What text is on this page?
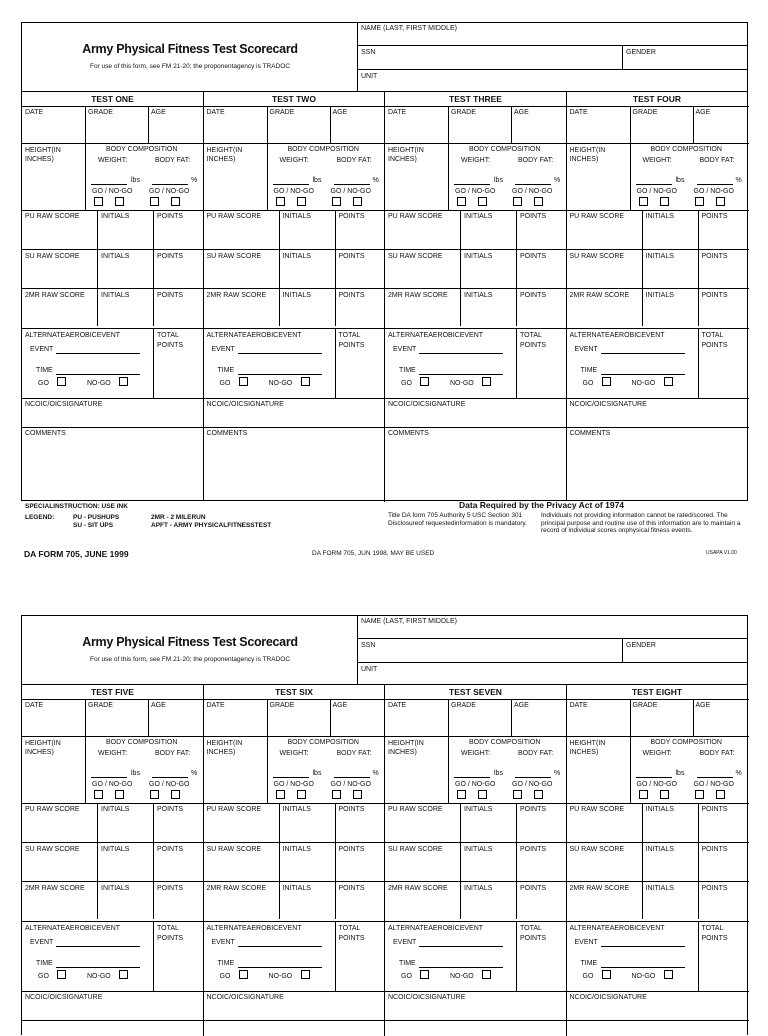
Army Physical Fitness Test Scorecard
For use of this form, see FM 21-20; the proponentagency is TRADOC
NAME (LAST, FIRST MIDDLE)
SSN	GENDER
UNIT
SPECIALINSTRUCTION: USE INK
LEGEND:	PU - PUSHUPS
SU - SIT UPS
2MR - 2 MILERUN
APFT - ARMY PHYSICALFITNESSTEST
Data Required by the Privacy Act of 1974
Title DA form 705 Authority 5 USC Section 301 Disclosureof requestedinformation is mandatory.
Individuals not providing information cannot be rated/scored. The principal purpose and routine use of this information are to maintain a record of individual scores onphysical fitness events.
TEST ONE
DATE	GRADE	AGE
HEIGHT(IN INCHES)
BODY COMPOSITION
WEIGHT:	BODY FAT:
lbs	%
GO / NO-GO GO / NO-GO
PU RAW SCORE	INITIALS	POINTS
SU RAW SCORE	INITIALS	POINTS
2MR RAW SCORE INITIALS	POINTS
ALTERNATEAEROBICEVENT
EVENT
TIME
GO	NO-GO
TOTAL
POINTS
NCOIC/OICSIGNATURE
COMMENTS
TEST TWO
DATE	GRADE	AGE
HEIGHT(IN INCHES)
BODY COMPOSITION
WEIGHT:	BODY FAT:
lbs	%
GO / NO-GO GO / NO-GO
PU RAW SCORE	INITIALS	POINTS
SU RAW SCORE	INITIALS	POINTS
2MR RAW SCORE INITIALS	POINTS
ALTERNATEAEROBICEVENT
EVENT
TIME
GO	NO-GO
TOTAL
POINTS
NCOIC/OICSIGNATURE
COMMENTS
TEST THREE
DATE	GRADE	AGE
HEIGHT(IN INCHES)
BODY COMPOSITION
WEIGHT:	BODY FAT:
lbs	%
GO / NO-GO GO / NO-GO
PU RAW SCORE	INITIALS	POINTS
SU RAW SCORE	INITIALS	POINTS
2MR RAW SCORE INITIALS	POINTS
ALTERNATEAEROBICEVENT
EVENT
TIME
GO	NO-GO
TOTAL
POINTS
NCOIC/OICSIGNATURE
COMMENTS
TEST FOUR
DATE	GRADE	AGE
HEIGHT(IN INCHES)
BODY COMPOSITION
WEIGHT:	BODY FAT:
lbs	%
GO / NO-GO GO / NO-GO
PU RAW SCORE	INITIALS	POINTS
SU RAW SCORE	INITIALS	POINTS
2MR RAW SCORE INITIALS	POINTS
ALTERNATEAEROBICEVENT
EVENT
TIME
GO	NO-GO
TOTAL
POINTS
NCOIC/OICSIGNATURE
COMMENTS
DA FORM 705, JUNE 1999	DA FORM 705, JUN 1998, MAY BE USED	USAPA V1.00
Army Physical Fitness Test Scorecard
For use of this form, see FM 21-20; the proponentagency is TRADOC
NAME (LAST, FIRST MIDDLE)
SSN	GENDER
UNIT
TEST FIVE
DATE	GRADE	AGE
HEIGHT(IN INCHES)
BODY COMPOSITION
WEIGHT:	BODY FAT:
lbs	%
GO / NO-GO GO / NO-GO
PU RAW SCORE	INITIALS	POINTS
SU RAW SCORE	INITIALS	POINTS
2MR RAW SCORE INITIALS	POINTS
ALTERNATEAEROBICEVENT
EVENT
TIME
GO	NO-GO
TOTAL
POINTS
NCOIC/OICSIGNATURE
TEST SIX
DATE	GRADE	AGE
HEIGHT(IN INCHES)
BODY COMPOSITION
WEIGHT:	BODY FAT:
lbs	%
GO / NO-GO GO / NO-GO
PU RAW SCORE	INITIALS	POINTS
SU RAW SCORE	INITIALS	POINTS
2MR RAW SCORE INITIALS	POINTS
ALTERNATEAEROBICEVENT
EVENT
TIME
GO	NO-GO
TOTAL
POINTS
NCOIC/OICSIGNATURE
TEST SEVEN
DATE	GRADE	AGE
HEIGHT(IN INCHES)
BODY COMPOSITION
WEIGHT:	BODY FAT:
lbs	%
GO / NO-GO GO / NO-GO
PU RAW SCORE	INITIALS	POINTS
SU RAW SCORE	INITIALS	POINTS
2MR RAW SCORE INITIALS	POINTS
ALTERNATEAEROBICEVENT
EVENT
TIME
GO	NO-GO
TOTAL
POINTS
NCOIC/OICSIGNATURE
TEST EIGHT
DATE	GRADE	AGE
HEIGHT(IN INCHES)
BODY COMPOSITION
WEIGHT:	BODY FAT:
lbs	%
GO / NO-GO GO / NO-GO
PU RAW SCORE	INITIALS	POINTS
SU RAW SCORE	INITIALS	POINTS
2MR RAW SCORE INITIALS	POINTS
ALTERNATEAEROBICEVENT
EVENT
TIME
GO	NO-GO
TOTAL
POINTS
NCOIC/OICSIGNATURE
